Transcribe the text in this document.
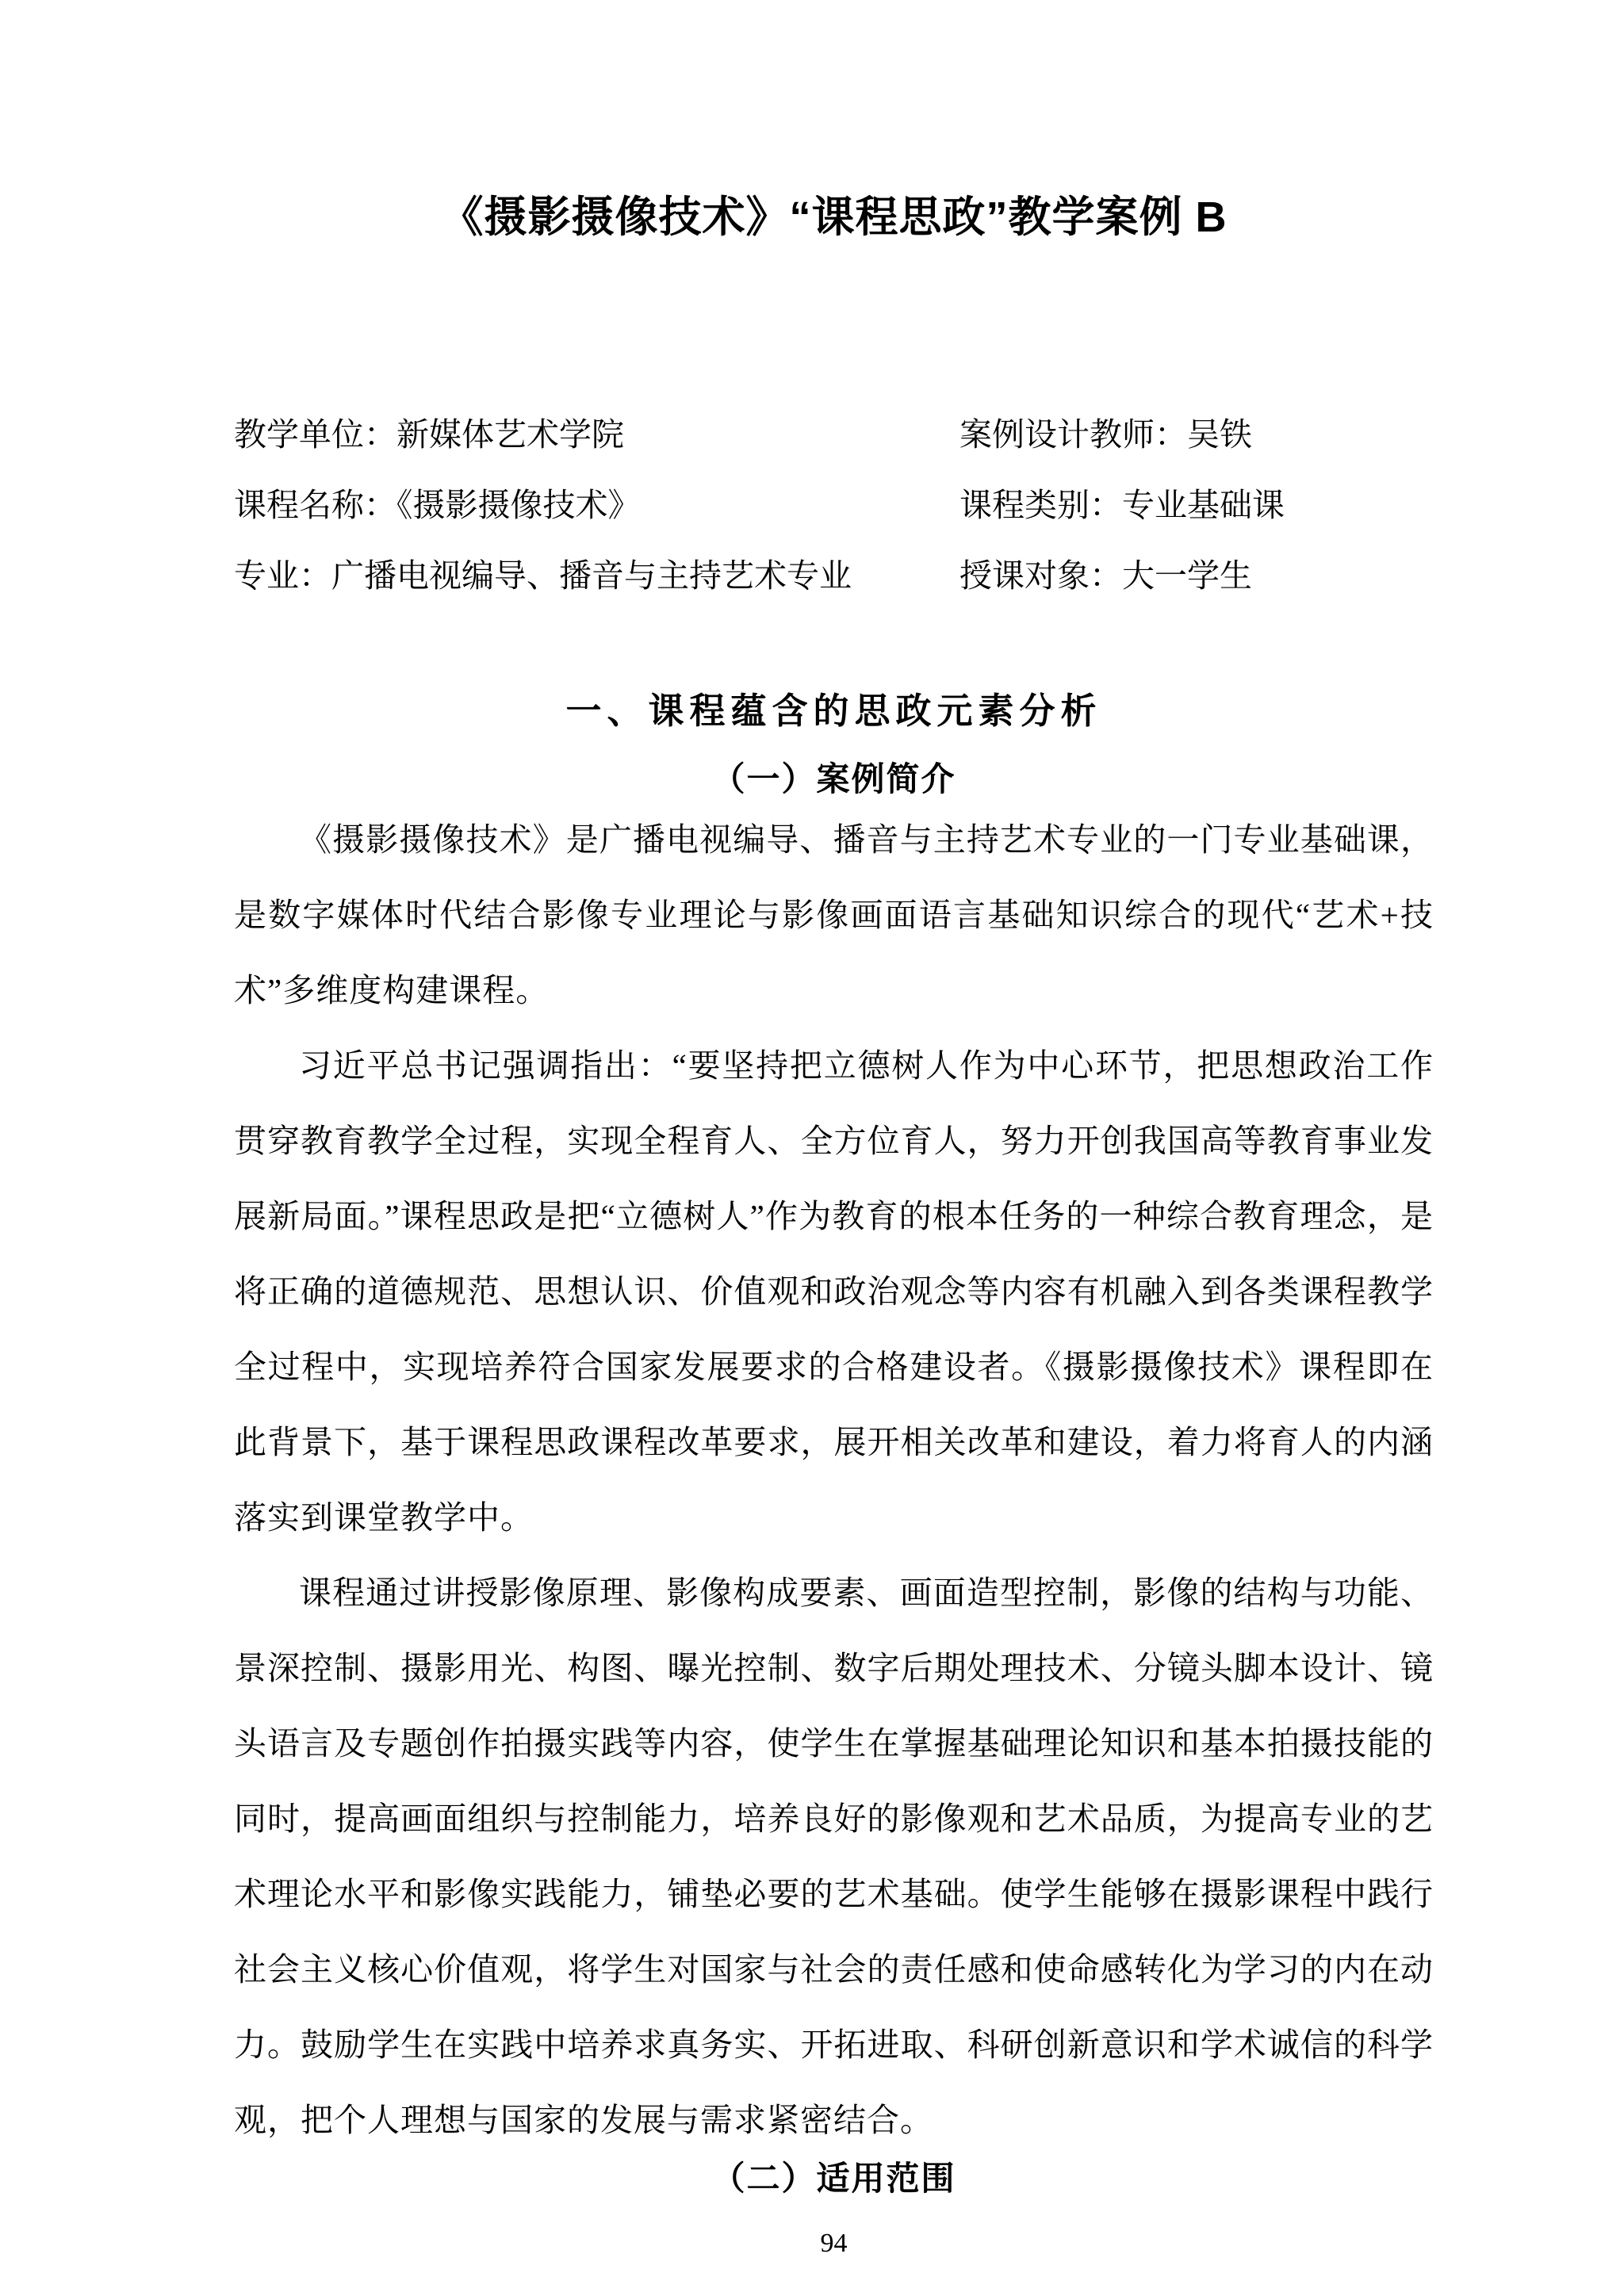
《摄影摄像技术》“课程思政”教学案例 B
教学单位：新媒体艺术学院	案例设计教师：吴铁
课程名称：《摄影摄像技术》	课程类别：专业基础课
专业：广播电视编导、播音与主持艺术专业	授课对象：大一学生
一、课程蕴含的思政元素分析
（一）案例简介

《摄影摄像技术》是广播电视编导、播音与主持艺术专业的一门专业基础课，是数字媒体时代结合影像专业理论与影像画面语言基础知识综合的现代“艺术+技术”多维度构建课程。

习近平总书记强调指出：“要坚持把立德树人作为中心环节，把思想政治工作贯穿教育教学全过程，实现全程育人、全方位育人，努力开创我国高等教育事业发展新局面。”课程思政是把“立德树人”作为教育的根本任务的一种综合教育理念，是将正确的道德规范、思想认识、价值观和政治观念等内容有机融入到各类课程教学全过程中，实现培养符合国家发展要求的合格建设者。《摄影摄像技术》课程即在此背景下，基于课程思政课程改革要求，展开相关改革和建设，着力将育人的内涵落实到课堂教学中。

课程通过讲授影像原理、影像构成要素、画面造型控制，影像的结构与功能、景深控制、摄影用光、构图、曝光控制、数字后期处理技术、分镜头脚本设计、镜头语言及专题创作拍摄实践等内容，使学生在掌握基础理论知识和基本拍摄技能的同时，提高画面组织与控制能力，培养良好的影像观和艺术品质，为提高专业的艺术理论水平和影像实践能力，铺垫必要的艺术基础。使学生能够在摄影课程中践行社会主义核心价值观，将学生对国家与社会的责任感和使命感转化为学习的内在动力。鼓励学生在实践中培养求真务实、开拓进取、科研创新意识和学术诚信的科学观，把个人理想与国家的发展与需求紧密结合。

（二）适用范围
94
